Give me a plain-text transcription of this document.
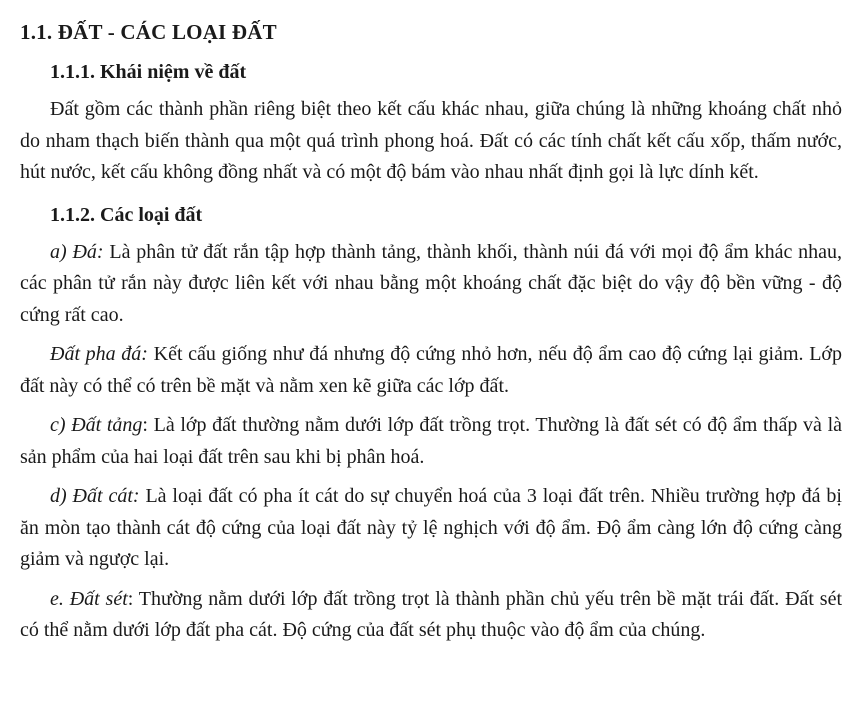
1.1. ĐẤT - CÁC LOẠI ĐẤT
1.1.1. Khái niệm về đất

Đất gồm các thành phần riêng biệt theo kết cấu khác nhau, giữa chúng là những khoáng chất nhỏ do nham thạch biến thành qua một quá trình phong hoá. Đất có các tính chất kết cấu xốp, thấm nước, hút nước, kết cấu không đồng nhất và có một độ bám vào nhau nhất định gọi là lực dính kết.

1.1.2. Các loại đất

a) Đá: Là phân tử đất rắn tập hợp thành tảng, thành khối, thành núi đá với mọi độ ẩm khác nhau, các phân tử rắn này được liên kết với nhau bằng một khoáng chất đặc biệt do vậy độ bền vững - độ cứng rất cao.

Đất pha đá: Kết cấu giống như đá nhưng độ cứng nhỏ hơn, nếu độ ẩm cao độ cứng lại giảm. Lớp đất này có thể có trên bề mặt và nằm xen kẽ giữa các lớp đất.

c) Đất tảng: Là lớp đất thường nằm dưới lớp đất trồng trọt. Thường là đất sét có độ ẩm thấp và là sản phẩm của hai loại đất trên sau khi bị phân hoá.

d) Đất cát: Là loại đất có pha ít cát do sự chuyển hoá của 3 loại đất trên. Nhiều trường hợp đá bị ăn mòn tạo thành cát độ cứng của loại đất này tỷ lệ nghịch với độ ẩm. Độ ẩm càng lớn độ cứng càng giảm và ngược lại.

e. Đất sét: Thường nằm dưới lớp đất trồng trọt là thành phần chủ yếu trên bề mặt trái đất. Đất sét có thể nằm dưới lớp đất pha cát. Độ cứng của đất sét phụ thuộc vào độ ẩm của chúng.
